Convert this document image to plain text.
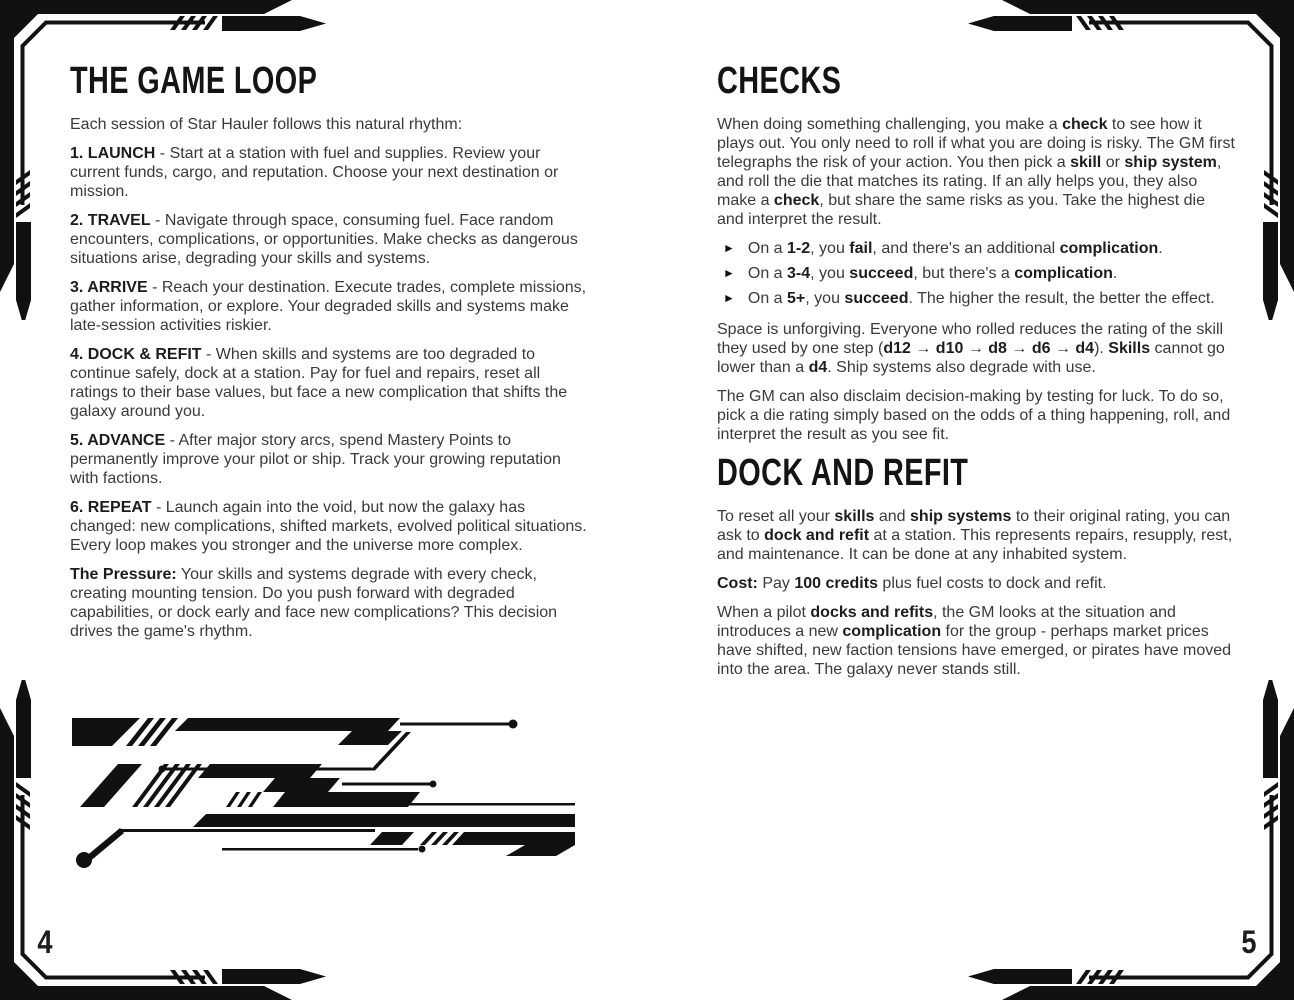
THE GAME LOOP

Each session of Star Hauler follows this natural rhythm:

1. LAUNCH - Start at a station with fuel and supplies. Review your current funds, cargo, and reputation. Choose your next destination or mission.

2. TRAVEL - Navigate through space, consuming fuel. Face random encounters, complications, or opportunities. Make checks as dangerous situations arise, degrading your skills and systems.

3. ARRIVE - Reach your destination. Execute trades, complete missions, gather information, or explore. Your degraded skills and systems make late-session activities riskier.

4. DOCK & REFIT - When skills and systems are too degraded to continue safely, dock at a station. Pay for fuel and repairs, reset all ratings to their base values, but face a new complication that shifts the galaxy around you.

5. ADVANCE - After major story arcs, spend Mastery Points to permanently improve your pilot or ship. Track your growing reputation with factions.

6. REPEAT - Launch again into the void, but now the galaxy has changed: new complications, shifted markets, evolved political situations. Every loop makes you stronger and the universe more complex.

The Pressure: Your skills and systems degrade with every check, creating mounting tension. Do you push forward with degraded capabilities, or dock early and face new complications? This decision drives the game's rhythm.

CHECKS

When doing something challenging, you make a check to see how it plays out. You only need to roll if what you are doing is risky. The GM first telegraphs the risk of your action. You then pick a skill or ship system, and roll the die that matches its rating. If an ally helps you, they also make a check, but share the same risks as you. Take the highest die and interpret the result.

► On a 1-2, you fail, and there's an additional complication.
► On a 3-4, you succeed, but there's a complication.
► On a 5+, you succeed. The higher the result, the better the effect.

Space is unforgiving. Everyone who rolled reduces the rating of the skill they used by one step (d12 → d10 → d8 → d6 → d4). Skills cannot go lower than a d4. Ship systems also degrade with use.

The GM can also disclaim decision-making by testing for luck. To do so, pick a die rating simply based on the odds of a thing happening, roll, and interpret the result as you see fit.

DOCK AND REFIT

To reset all your skills and ship systems to their original rating, you can ask to dock and refit at a station. This represents repairs, resupply, rest, and maintenance. It can be done at any inhabited system.

Cost: Pay 100 credits plus fuel costs to dock and refit.

When a pilot docks and refits, the GM looks at the situation and introduces a new complication for the group - perhaps market prices have shifted, new faction tensions have emerged, or pirates have moved into the area. The galaxy never stands still.

4	5
